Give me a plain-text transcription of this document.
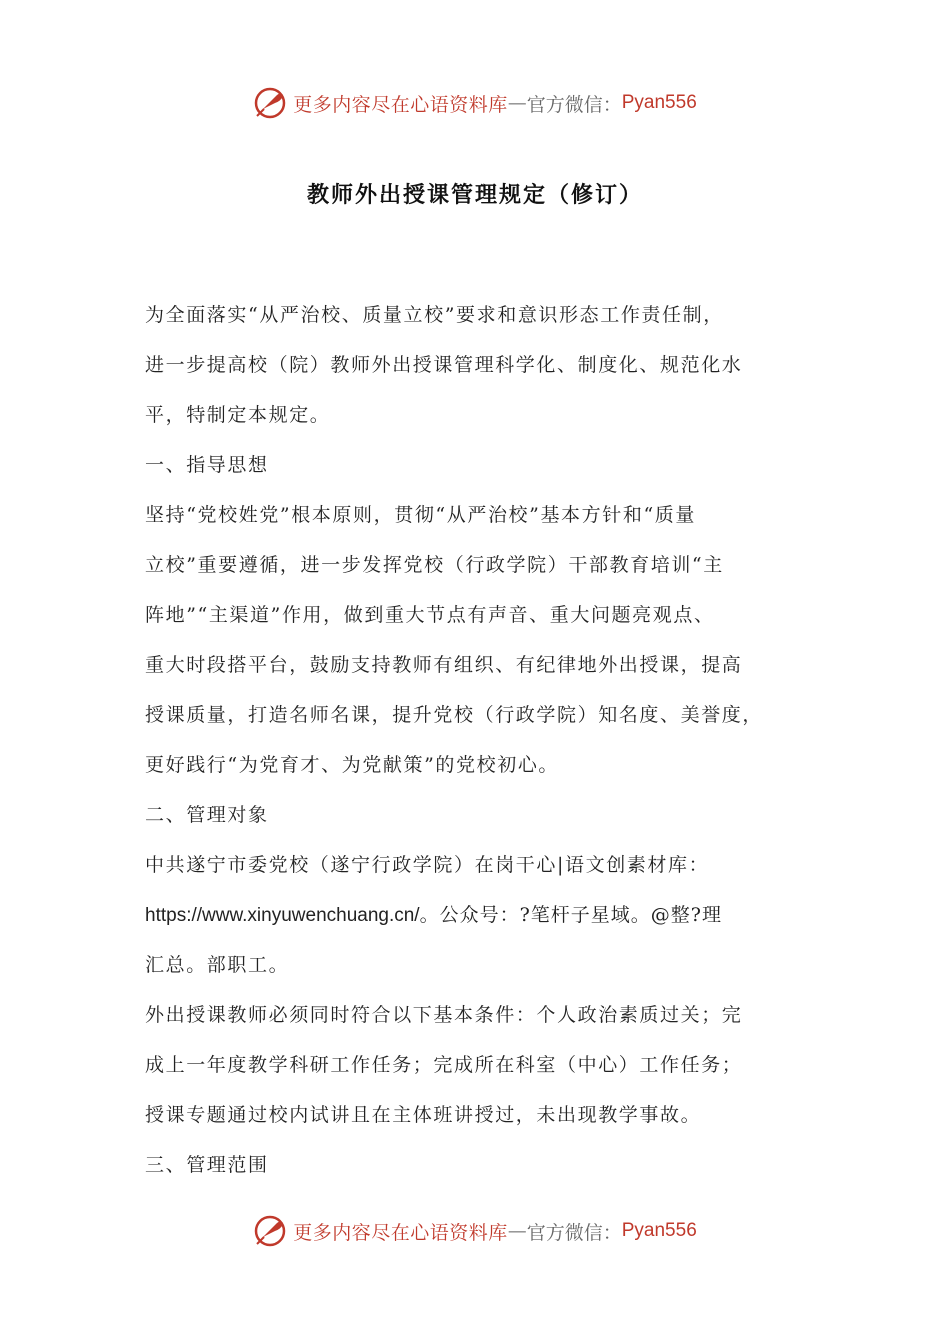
更多内容尽在心语资料库 — 官方微信： Pyan556
教师外出授课管理规定（修订）
为全面落实“从严治校、质量立校”要求和意识形态工作责任制，
进一步提高校（院）教师外出授课管理科学化、制度化、规范化水
平，特制定本规定。
一、指导思想
坚持“党校姓党”根本原则，贯彻“从严治校”基本方针和“质量
立校”重要遵循，进一步发挥党校（行政学院）干部教育培训“主
阵地”“主渠道”作用，做到重大节点有声音、重大问题亮观点、
重大时段搭平台，鼓励支持教师有组织、有纪律地外出授课，提高
授课质量，打造名师名课，提升党校（行政学院）知名度、美誉度，
更好践行“为党育才、为党献策”的党校初心。
二、管理对象
中共遂宁市委党校（遂宁行政学院）在岗干心|语文创素材库：
https://www.xinyuwenchuang.cn/。公众号：?笔杆子星域。@整?理
汇总。部职工。
外出授课教师必须同时符合以下基本条件：个人政治素质过关；完
成上一年度教学科研工作任务；完成所在科室（中心）工作任务；
授课专题通过校内试讲且在主体班讲授过，未出现教学事故。
三、管理范围
更多内容尽在心语资料库 — 官方微信： Pyan556
